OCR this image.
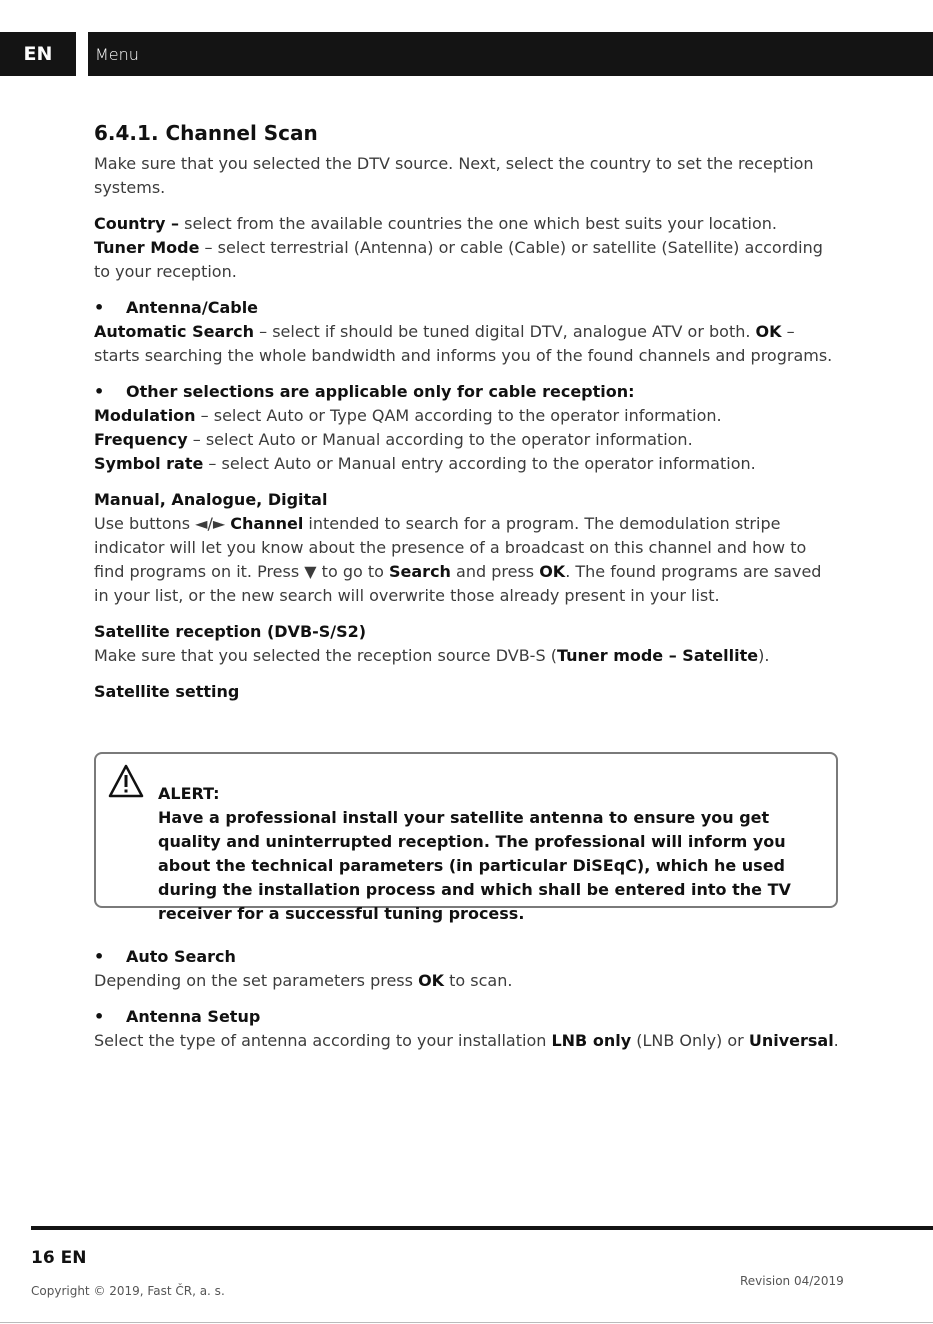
EN	Menu
6.4.1. Channel Scan

Make sure that you selected the DTV source. Next, select the country to set the reception systems.

Country – select from the available countries the one which best suits your location.
Tuner Mode – select terrestrial (Antenna) or cable (Cable) or satellite (Satellite) according to your reception.

• Antenna/Cable
Automatic Search – select if should be tuned digital DTV, analogue ATV or both. OK – starts searching the whole bandwidth and informs you of the found channels and programs.

• Other selections are applicable only for cable reception:
Modulation – select Auto or Type QAM according to the operator information.
Frequency – select Auto or Manual according to the operator information.
Symbol rate – select Auto or Manual entry according to the operator information.

Manual, Analogue, Digital
Use buttons ◄/► Channel intended to search for a program. The demodulation stripe indicator will let you know about the presence of a broadcast on this channel and how to find programs on it. Press ▼ to go to Search and press OK. The found programs are saved in your list, or the new search will overwrite those already present in your list.

Satellite reception (DVB-S/S2)
Make sure that you selected the reception source DVB-S (Tuner mode – Satellite).

Satellite setting

ALERT:
Have a professional install your satellite antenna to ensure you get quality and uninterrupted reception. The professional will inform you about the technical parameters (in particular DiSEqC), which he used during the installation process and which shall be entered into the TV receiver for a successful tuning process.

• Auto Search
Depending on the set parameters press OK to scan.

• Antenna Setup
Select the type of antenna according to your installation LNB only (LNB Only) or Universal.

16 EN
Copyright © 2019, Fast ČR, a. s.
Revision 04/2019
